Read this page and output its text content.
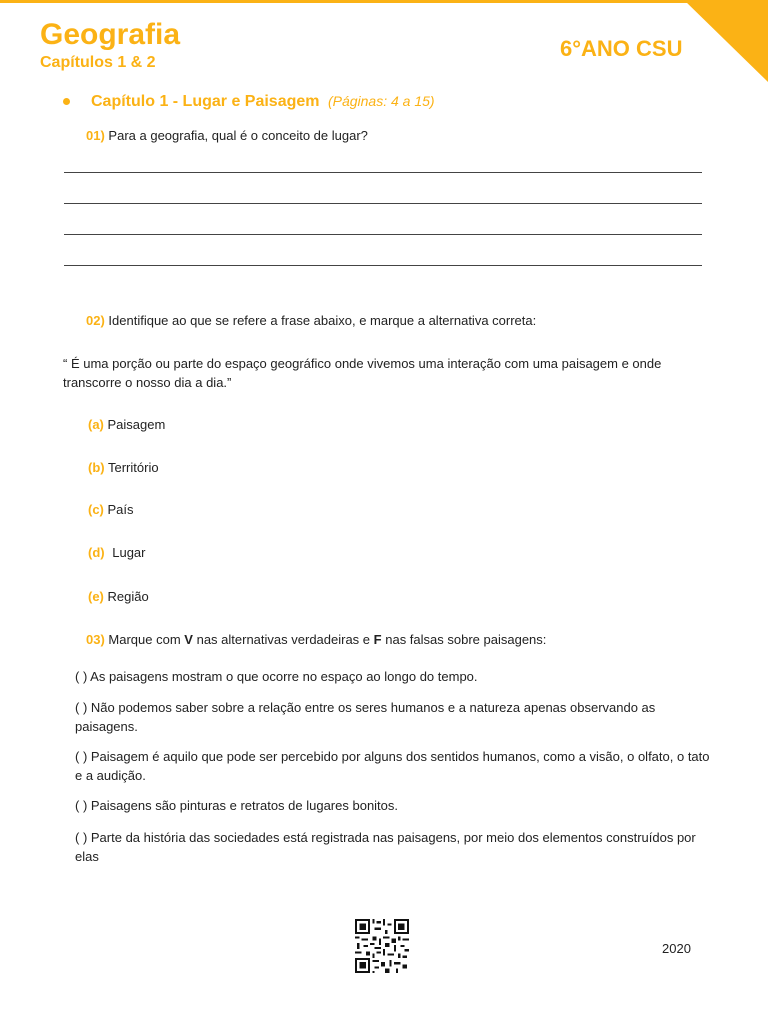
Geografia
Capítulos 1 & 2
6°ANO CSU
Capítulo 1 - Lugar e Paisagem (Páginas: 4 a 15)
01) Para a geografia, qual é o conceito de lugar?
02) Identifique ao que se refere a frase abaixo, e marque a alternativa correta:
“ É uma porção ou parte do espaço geográfico onde vivemos uma interação com uma paisagem e onde transcorre o nosso dia a dia.”
(a) Paisagem
(b) Território
(c) País
(d) Lugar
(e) Região
03) Marque com V nas alternativas verdadeiras e F nas falsas sobre paisagens:
( ) As paisagens mostram o que ocorre no espaço ao longo do tempo.
( ) Não podemos saber sobre a relação entre os seres humanos e a natureza apenas observando as paisagens.
( ) Paisagem é aquilo que pode ser percebido por alguns dos sentidos humanos, como a visão, o olfato, o tato e a audição.
( ) Paisagens são pinturas e retratos de lugares bonitos.
( ) Parte da história das sociedades está registrada nas paisagens, por meio dos elementos construídos por elas
2020
